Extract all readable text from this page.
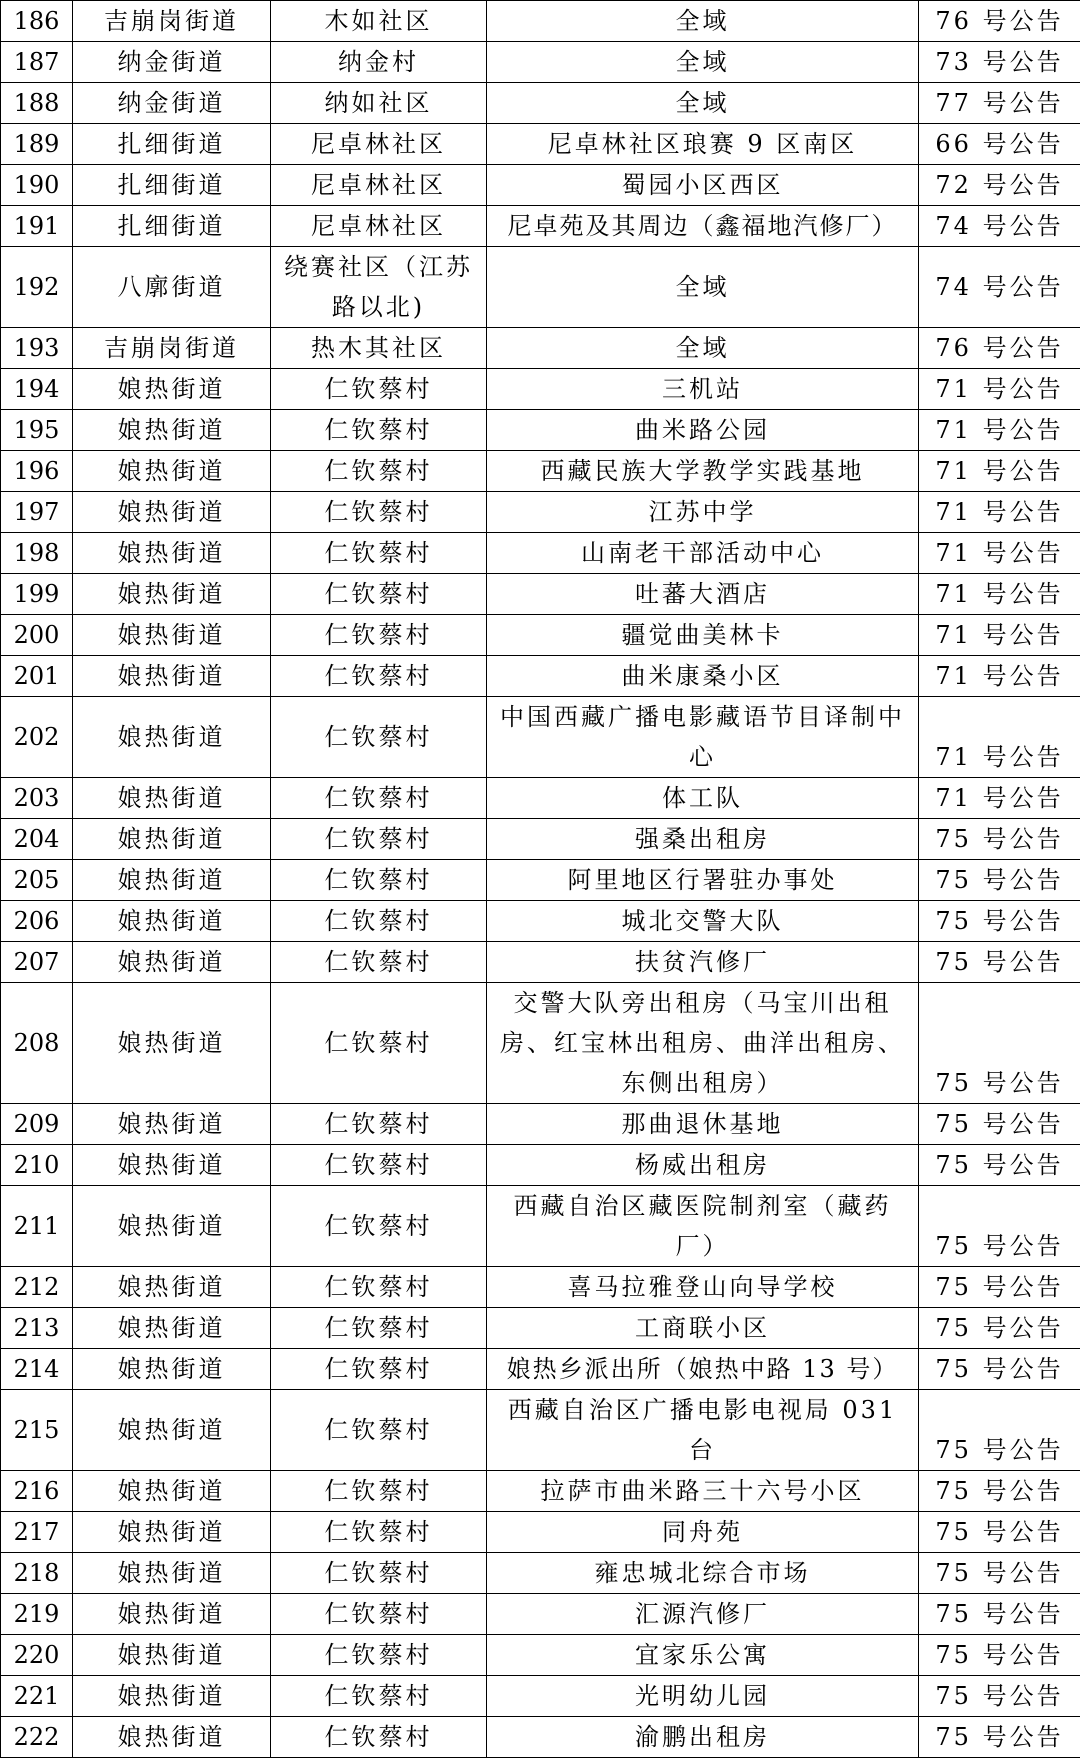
186	吉崩岗街道	木如社区	全域	76 号公告
187	纳金街道	纳金村	全域	73 号公告
188	纳金街道	纳如社区	全域	77 号公告
189	扎细街道	尼卓林社区	尼卓林社区琅赛 9 区南区	66 号公告
190	扎细街道	尼卓林社区	蜀园小区西区	72 号公告
191	扎细街道	尼卓林社区	尼卓苑及其周边（鑫福地汽修厂）	74 号公告
192	八廓街道	绕赛社区（江苏路以北)	全域	74 号公告
193	吉崩岗街道	热木其社区	全域	76 号公告
194	娘热街道	仁钦蔡村	三机站	71 号公告
195	娘热街道	仁钦蔡村	曲米路公园	71 号公告
196	娘热街道	仁钦蔡村	西藏民族大学教学实践基地	71 号公告
197	娘热街道	仁钦蔡村	江苏中学	71 号公告
198	娘热街道	仁钦蔡村	山南老干部活动中心	71 号公告
199	娘热街道	仁钦蔡村	吐蕃大酒店	71 号公告
200	娘热街道	仁钦蔡村	疆觉曲美林卡	71 号公告
201	娘热街道	仁钦蔡村	曲米康桑小区	71 号公告
202	娘热街道	仁钦蔡村	中国西藏广播电影藏语节目译制中心	71 号公告
203	娘热街道	仁钦蔡村	体工队	71 号公告
204	娘热街道	仁钦蔡村	强桑出租房	75 号公告
205	娘热街道	仁钦蔡村	阿里地区行署驻办事处	75 号公告
206	娘热街道	仁钦蔡村	城北交警大队	75 号公告
207	娘热街道	仁钦蔡村	扶贫汽修厂	75 号公告
208	娘热街道	仁钦蔡村	交警大队旁出租房（马宝川出租房、红宝林出租房、曲洋出租房、东侧出租房）	75 号公告
209	娘热街道	仁钦蔡村	那曲退休基地	75 号公告
210	娘热街道	仁钦蔡村	杨威出租房	75 号公告
211	娘热街道	仁钦蔡村	西藏自治区藏医院制剂室（藏药厂）	75 号公告
212	娘热街道	仁钦蔡村	喜马拉雅登山向导学校	75 号公告
213	娘热街道	仁钦蔡村	工商联小区	75 号公告
214	娘热街道	仁钦蔡村	娘热乡派出所（娘热中路 13 号）	75 号公告
215	娘热街道	仁钦蔡村	西藏自治区广播电影电视局 031 台	75 号公告
216	娘热街道	仁钦蔡村	拉萨市曲米路三十六号小区	75 号公告
217	娘热街道	仁钦蔡村	同舟苑	75 号公告
218	娘热街道	仁钦蔡村	雍忠城北综合市场	75 号公告
219	娘热街道	仁钦蔡村	汇源汽修厂	75 号公告
220	娘热街道	仁钦蔡村	宜家乐公寓	75 号公告
221	娘热街道	仁钦蔡村	光明幼儿园	75 号公告
222	娘热街道	仁钦蔡村	渝鹏出租房	75 号公告
